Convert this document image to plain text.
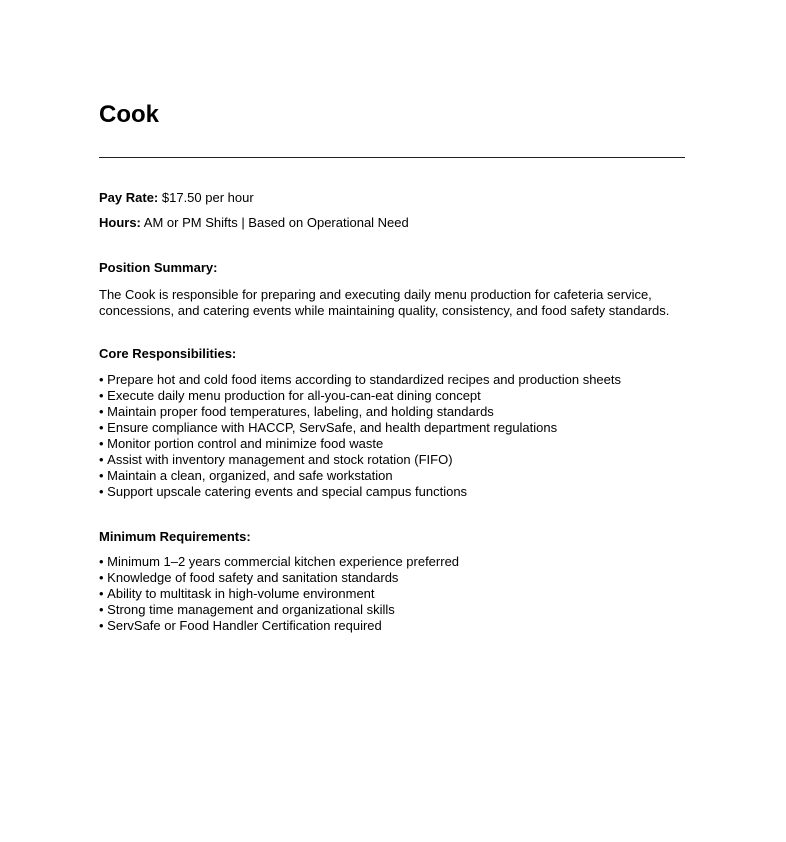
Cook
Pay Rate: $17.50 per hour
Hours: AM or PM Shifts | Based on Operational Need
Position Summary:

The Cook is responsible for preparing and executing daily menu production for cafeteria service, concessions, and catering events while maintaining quality, consistency, and food safety standards.

Core Responsibilities:
• Prepare hot and cold food items according to standardized recipes and production sheets
• Execute daily menu production for all-you-can-eat dining concept
• Maintain proper food temperatures, labeling, and holding standards
• Ensure compliance with HACCP, ServSafe, and health department regulations
• Monitor portion control and minimize food waste
• Assist with inventory management and stock rotation (FIFO)
• Maintain a clean, organized, and safe workstation
• Support upscale catering events and special campus functions
Minimum Requirements:
• Minimum 1–2 years commercial kitchen experience preferred
• Knowledge of food safety and sanitation standards
• Ability to multitask in high-volume environment
• Strong time management and organizational skills
• ServSafe or Food Handler Certification required
